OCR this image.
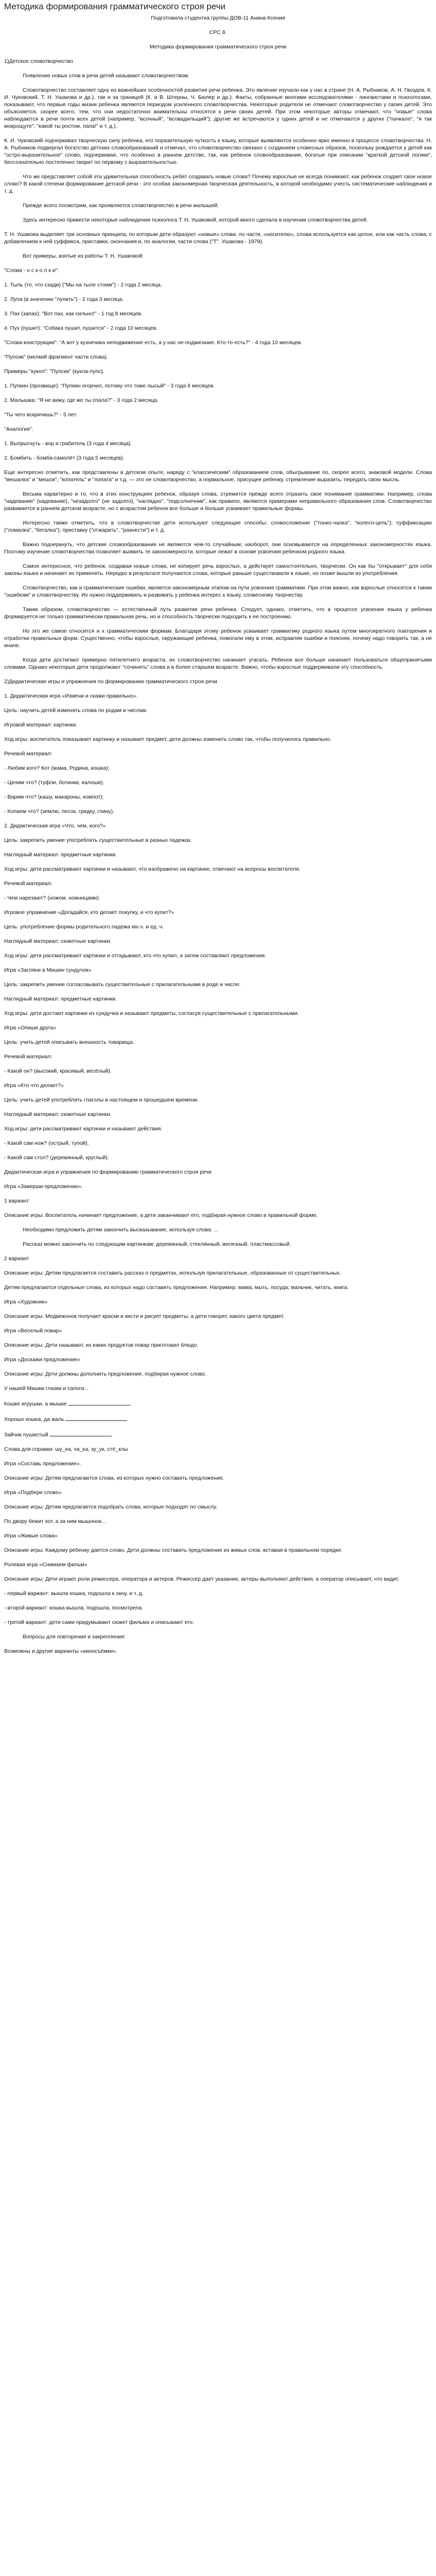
Методика формирования грамматического строя речи

Подготовила студентка группы ДОВ-11 Анина Ксения

СРС 8.

Методика формирования грамматического строя речи

1)Детское словотворчество

Появление новых слов в речи детей называют словотворчеством.

Словотворчество составляет одну из важнейших особенностей развития речи ребенка. Это явление изучали как у нас в стране (Н. А. Рыбников, А. Н. Гвоздев, К. И. Чуковский, Т. Н. Ушакова и др.), так и за границей (К. и В. Штерны, Ч. Бюлер и др.). Факты, собранные многими исследователями - лингвистами и психологами, показывают, что первые годы жизни ребенка являются периодом усиленного словотворчества. Некоторые родители не отмечают словотворчество у своих детей. Это объясняется, скорее всего, тем, что они недостаточно внимательны относятся к речи своих детей. При этом некоторые авторы отмечают, что "новые" слова наблюдаются в речи почти всех детей (например, "всочный", "всовадильщий"); другие же встречаются у одних детей и не отмечаются у других ("пачкало", "я так мокрощуте", "какой ты ростом, папа!" и т. д.).

К. И. Чуковский подчеркивал творческую силу ребенка, его поразительную чуткость к языку, которые выявляются особенно ярко именно в процессе словотворчества. Н. А. Рыбников подвергал богатство детских словообразований и отмечал, что словотворчество связано с созданием словесных образов, поскольку рождается у детей как "остро-выразительное" слово, подчеркивая, что особенно в раннем детстве, так, как ребенок словообразования, богатые при описании "краткой детской логики", бессознательно постепенно творит по первому с выразительностью.

Что же представляет собой эта удивительная способность ребят создавать новые слова? Почему взрослые не всегда понимают, как ребенок создает свое новое слово? В какой степени формирование детской речи - это особая закономерная творческая деятельность, в которой необходимо учесть систематические наблюдения и т. д.

Прежде всего посмотрим, как проявляется словотворчество в речи малышей.

Здесь интересно привести некоторые наблюдения психолога Т. Н. Ушаковой, которой много сделала в изучении словотворчества детей.

Т. Н. Ушакова выделяет три основных принципа, по которым дети образуют «новые» слова: по части, «носителю», слова используется как целое, или как часть слова, с добавлением к ней суффикса, приставки, окончания и, по аналогии, части слова ("Т". Ушакова - 1979).

Вот примеры, взятые из работы Т. Н. Ушаковой:

"Слова - о с к о л к и":

1. Тыль (то, что сзади) ("Мы на тыле стоим") - 2 года 2 месяца.

2. Лупа (в значении "лупить") - 2 года 3 месяца.

3. Пах (запах): "Вот пах, как сильно!" - 1 год 8 месяцев.

4. Пух (пушит): "Собака пушит, пушится" - 2 года 10 месяцев.

"Слова-конструкции": "А вот у кузнечика неподвижение есть, а у нас не-подвигание. Кто-то есть?" - 4 года 10 месяцев.

"Пупсик" (мелкий фрагмент части слова).

Примеры "кукол": "Пупсик" (кукла-пупс).

1. Пупкин (прозвище): "Пупкин огорчил, потому что тоже лысый" - 3 года 6 месяцев.

2. Малышка: "Я не вижу, где же ты спала?" - 3 года 2 месяца.

"Ты чего вскричишь?" - 5 лет.

"Аналогия":

1. Выпрыгнуть - вор и грабитель (3 года 4 месяца).

2. Бомбить - бомба-самолёт (3 года 5 месяцев).

Еще интересно отметить, как представлены в детском опыте, наряду с "классическим" образованием слов, обыгрывание по, скорее всего, знаковой модели. Слова "мешалка" и "мешок", "копатель" и "лопата" и т.д. — это не словотворчество, а нормальное, присущее ребенку, стремление выразить, передать свою мысль.

Весьма характерно и то, что в этих конструкциях ребенок, образуя слова, стремится прежде всего отразить свое понимание грамматики. Например, слова "надевание" (надевание), "незадолго" (не задолго), "наглядно", "подсолнечник", как правило, являются примерами неправильного образования слов. Словотворчество развивается в раннем детском возрасте, но с возрастом ребенок все больше и больше усваивает правильные формы.

Интересно также отметить, что в словотворчестве дети используют следующие способы: словосложение ("тонко-чалка", "колесо-цепь"); суффиксацию ("ломалка", "бегалка"); приставку ("отжарить", "разнести") и т. д.

Важно подчеркнуть, что детские словообразования не являются чем-то случайным; наоборот, они основываются на определенных закономерностях языка. Поэтому изучение словотворчества позволяет выявить те закономерности, которые лежат в основе усвоения ребенком родного языка.

Самое интересное, что ребенок, создавая новые слова, не копирует речь взрослых, а действует самостоятельно, творчески. Он как бы "открывает" для себя законы языка и начинает их применять. Нередко в результате получаются слова, которые раньше существовали в языке, но позже вышли из употребления.

Словотворчество, как и грамматические ошибки, является закономерным этапом на пути усвоения грамматики. При этом важно, как взрослые относятся к таким "ошибкам" и словотворчеству. Их нужно поддерживать и развивать у ребенка интерес к языку, словесному творчеству.

Таким образом, словотворчество — естественный путь развития речи ребенка. Следует, однако, отметить, что в процессе усвоения языка у ребенка формируется не только грамматически правильная речь, но и способность творчески подходить к ее построению.

Но это же самое относится и к грамматическим формам. Благодаря этому ребенок усваивает грамматику родного языка путем многократного повторения и отработки правильных форм. Существенно, чтобы взрослые, окружающие ребенка, помогали ему в этом, исправляя ошибки и поясняя, почему надо говорить так, а не иначе.

Когда дети достигают примерно пятилетнего возраста, их словотворчество начинает угасать. Ребенок все больше начинает пользоваться общепринятыми словами. Однако некоторые дети продолжают "сочинять" слова и в более старшем возрасте. Важно, чтобы взрослые поддерживали эту способность.

2)Дидактические игры и упражнения по формированию грамматического строя речи

1. Дидактическая игра «Измени и скажи правильно».

Цель: научить детей изменять слова по родам и числам.

Игровой материал: картинки.

Ход игры: воспитатель показывает картинку и называет предмет, дети должны изменить слово так, чтобы получилось правильно.

Речевой материал:

- Любим кого? Кот (мама, Родина, кошка);

- Целим что? (туфли, ботинки, калоши);

- Варим что? (кашу, макароны, компот);

- Копаем что? (землю, песок, грядку, глину).

2. Дидактическая игра «Что, чем, кого?»

Цель: закрепить умение употреблять существительные в разных падежах.

Наглядный материал: предметные картинки.

Ход игры: дети рассматривают картинки и называют, что изображено на картинке, отвечают на вопросы воспитателя.

Речевой материал:

- Чем нарезают? (ножом, ножницами).

Игровое упражнение «Догадайся, кто делает покупку, и что купит?»

Цель: употребление формы родительного падежа мн.ч. и ед. ч.

Наглядный материал: сюжетные картинки.

Ход игры: дети рассматривают картинки и отгадывают, кто что купил, а затем составляют предложения.

Игра «Загляни в Мишин сундучок»

Цель: закрепить умение согласовывать существительные с прилагательными в роде и числе.

Наглядный материал: предметные картинки.

Ход игры: дети достают картинки из сундучка и называют предметы, согласуя существительные с прилагательными.

Игра «Опиши друга»

Цель: учить детей описывать внешность товарища.

Речевой материал:

- Какой он? (высокий, красивый, весёлый).

Игра «Кто что делает?»

Цель: учить детей употреблять глаголы в настоящем и прошедшем времени.

Наглядный материал: сюжетные картинки.

Ход игры: дети рассматривают картинки и называют действия.

- Какой сам нож? (острый, тупой).

- Какой сам стол? (деревянный, круглый).

Дидактическая игра и упражнения по формированию грамматического строя речи

Игра «Заверши предложение».

1 вариант

Описание игры: Воспитатель начинает предложение, а дети заканчивают его, подбирая нужное слово в правильной форме.

Необходимо предложить детям закончить высказывание, используя слова: ...

Рассказ можно закончить по следующим картинкам: деревянный, стеклянный, железный, пластмассовый.

2 вариант

Описание игры: Детям предлагается составить рассказ о предметах, используя прилагательные, образованные от существительных.

Детям предлагаются отдельные слова, из которых надо составить предложения. Например: мама, мыть, посуда; мальчик, читать, книга.

Игра «Художник»

Описание игры: Медвежонок получает краски и кисти и рисует предметы, а дети говорят, какого цвета предмет.

Игра «Веселый повар»

Описание игры: Дети называют, из каких продуктов повар приготовил блюдо.

Игра «Доскажи предложение»

Описание игры: Дети должны дополнить предложение, подбирая нужное слово.

У нашей Мишки глазки и сапоги...

Кошке игрушки, а мышке

Хорошо кошка, да жаль

Зайчик пушистый

Слова для справки: шу_ка, ча_ка, зу_ук, стё_клы

Игра «Составь предложение».

Описание игры: Детям предлагаются слова, из которых нужно составить предложение.

Игра «Подбери слово»

Описание игры: Детям предлагается подобрать слова, которые подходят по смыслу.

По двору бежит кот, а за ним мышонок...

Игра «Живые слова»

Описание игры: Каждому ребенку дается слово. Дети должны составить предложение из живых слов, вставая в правильном порядке.

Ролевая игра «Снимаем фильм»

Описание игры: Дети играют роли режиссера, оператора и актеров. Режиссер дает указания, актеры выполняют действия, а оператор описывает, что видит.

- первый вариант: вышла кошка, подошла к окну, и т. д.

- второй вариант: кошка вышла, подошла, посмотрела.

- третий вариант: дети сами придумывают сюжет фильма и описывают его.

Вопросы для повторения и закрепления:

Возможны и другие варианты «киносъёмки».
